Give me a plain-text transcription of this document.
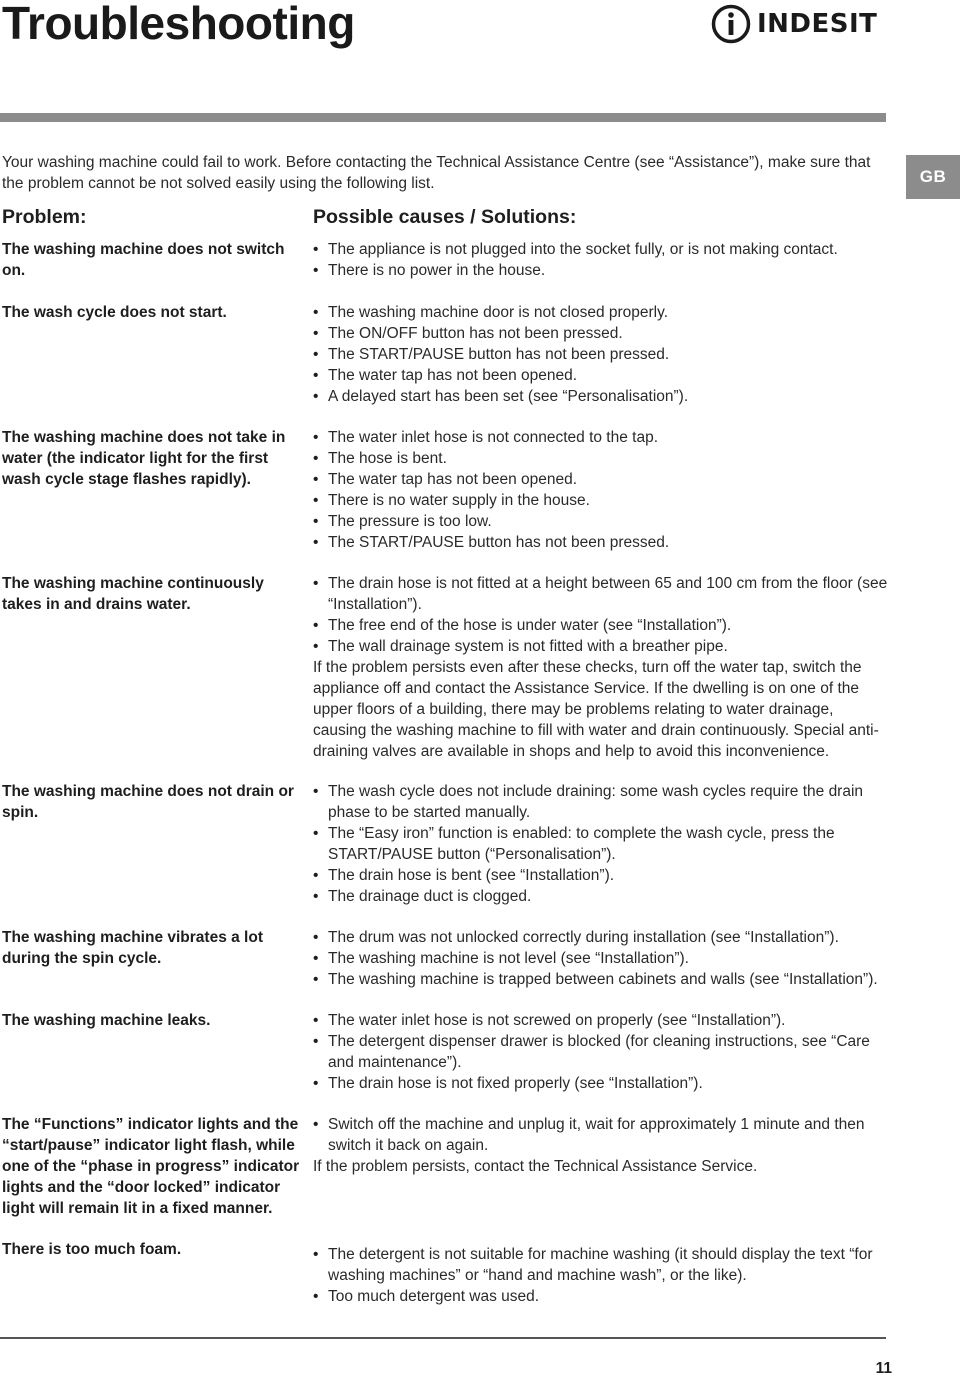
Troubleshooting	INDESIT
GB
Your washing machine could fail to work. Before contacting the Technical Assistance Centre (see “Assistance”), make sure that the problem cannot be not solved easily using the following list.
Problem:	Possible causes / Solutions:
The washing machine does not switch on.
• The appliance is not plugged into the socket fully, or is not making contact.
• There is no power in the house.
The wash cycle does not start.	• The washing machine door is not closed properly.
• The ON/OFF button has not been pressed.
• The START/PAUSE button has not been pressed.
• The water tap has not been opened.
• A delayed start has been set (see “Personalisation”).
The washing machine does not take in water (the indicator light for the first wash cycle stage flashes rapidly).
• The water inlet hose is not connected to the tap.
• The hose is bent.
• The water tap has not been opened.
• There is no water supply in the house.
• The pressure is too low.
• The START/PAUSE button has not been pressed.
The washing machine continuously takes in and drains water.
• The drain hose is not fitted at a height between 65 and 100 cm from the floor (see “Installation”).
• The free end of the hose is under water (see “Installation”).
• The wall drainage system is not fitted with a breather pipe.

If the problem persists even after these checks, turn off the water tap, switch the appliance off and contact the Assistance Service. If the dwelling is on one of the upper floors of a building, there may be problems relating to water drainage, causing the washing machine to fill with water and drain continuously. Special anti-draining valves are available in shops and help to avoid this inconvenience.

The washing machine does not drain or spin.
• The wash cycle does not include draining: some wash cycles require the drain phase to be started manually.
• The “Easy iron” function is enabled: to complete the wash cycle, press the START/PAUSE button (“Personalisation”).
• The drain hose is bent (see “Installation”).
• The drainage duct is clogged.
The washing machine vibrates a lot during the spin cycle.
• The drum was not unlocked correctly during installation (see “Installation”).
• The washing machine is not level (see “Installation”).
• The washing machine is trapped between cabinets and walls (see “Installation”).
The washing machine leaks.	• The water inlet hose is not screwed on properly (see “Installation”).
• The detergent dispenser drawer is blocked (for cleaning instructions, see “Care and maintenance”).
• The drain hose is not fixed properly (see “Installation”).
The “Functions” indicator lights and the “start/pause” indicator light flash, while one of the “phase in progress” indicator lights and the “door locked” indicator light will remain lit in a fixed manner.
• Switch off the machine and unplug it, wait for approximately 1 minute and then switch it back on again.

If the problem persists, contact the Technical Assistance Service.

There is too much foam.	• The detergent is not suitable for machine washing (it should display the text “for washing machines” or “hand and machine wash”, or the like).
• Too much detergent was used.
11
